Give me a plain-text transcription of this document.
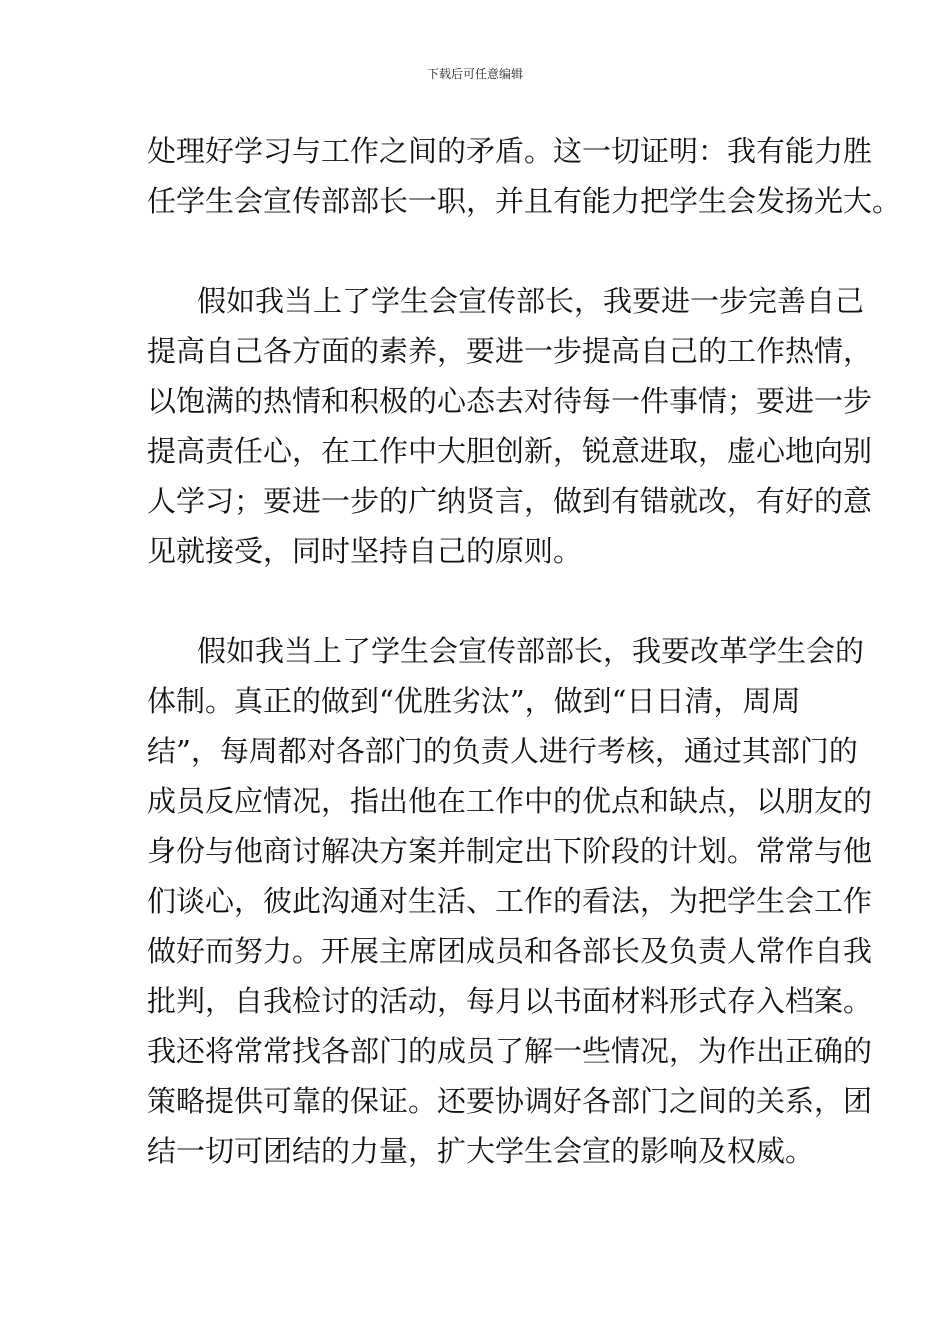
下载后可任意编辑
处理好学习与工作之间的矛盾。这一切证明：我有能力胜
任学生会宣传部部长一职，并且有能力把学生会发扬光大。
假如我当上了学生会宣传部长，我要进一步完善自己
提高自己各方面的素养，要进一步提高自己的工作热情，
以饱满的热情和积极的心态去对待每一件事情；要进一步
提高责任心，在工作中大胆创新，锐意进取，虚心地向别
人学习；要进一步的广纳贤言，做到有错就改，有好的意
见就接受，同时坚持自己的原则。
假如我当上了学生会宣传部部长，我要改革学生会的
体制。真正的做到“优胜劣汰”，做到“日日清，周周
结”，每周都对各部门的负责人进行考核，通过其部门的
成员反应情况，指出他在工作中的优点和缺点，以朋友的
身份与他商讨解决方案并制定出下阶段的计划。常常与他
们谈心，彼此沟通对生活、工作的看法，为把学生会工作
做好而努力。开展主席团成员和各部长及负责人常作自我
批判，自我检讨的活动，每月以书面材料形式存入档案。
我还将常常找各部门的成员了解一些情况，为作出正确的
策略提供可靠的保证。还要协调好各部门之间的关系，团
结一切可团结的力量，扩大学生会宣的影响及权威。
